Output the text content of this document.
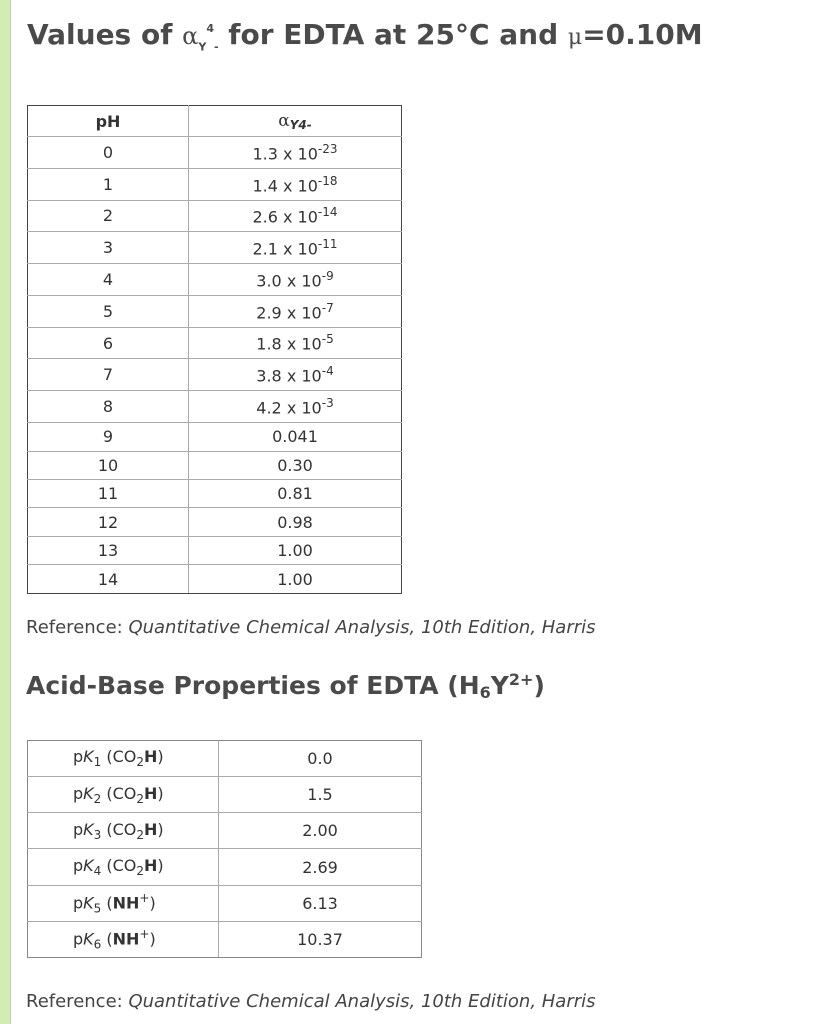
Values of $\alpha_Y^4_-$ for EDTA at 25°C and μ=0.10M
pH	$\alpha_{Y4-}$
0	1.3 x $10^{-23}$
1	1.4 x $10^{-18}$
2	2.6 x $10^{-14}$
3	2.1 x $10^{-11}$
4	3.0 x $10^{-9}$
5	2.9 x $10^{-7}$
6	1.8 x $10^{-5}$
7	3.8 x $10^{-4}$
8	4.2 x $10^{-3}$
9	0.041
10	0.30
11	0.81
12	0.98
13	1.00
14	1.00
Reference: Quantitative Chemical Analysis, 10th Edition, Harris
Acid-Base Properties of EDTA $(H_6Y^{2+})$
$pK_1$ $(CO_2H)$	0.0
$pK_2$ $(CO_2H)$	1.5
$pK_3$ $(CO_2H)$	2.00
$pK_4$ $(CO_2H)$	2.69
$pK_5$ (NH+)	6.13
$pK_6$ (NH+)	10.37
Reference: Quantitative Chemical Analysis, 10th Edition, Harris
